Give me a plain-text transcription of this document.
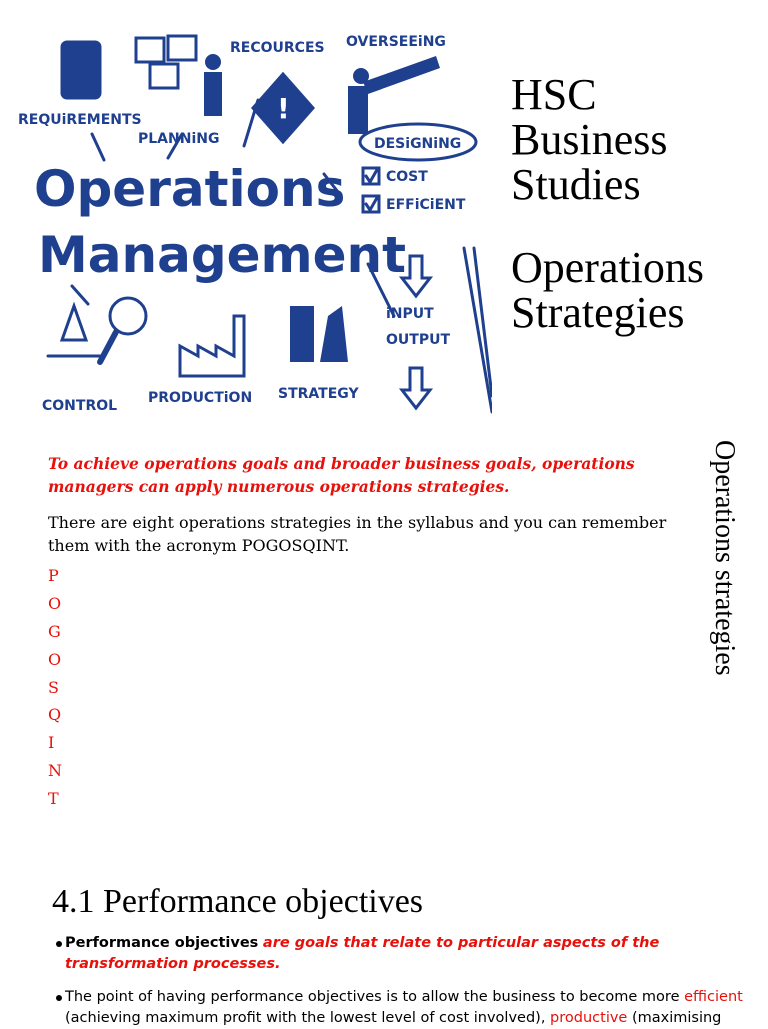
!
REQUiREMENTS
PLANNiNG
RECOURCES OVERSEEiNG
DESiGNiNG
COST
EFFiCiENT
iNPUT
OUTPUT
CONTROL PRODUCTiON STRATEGY
Operations
Management
HSC
Business
Studies
Operations
Strategies
Operations strategies
To achieve operations goals and broader business goals, operations managers can apply numerous operations strategies.
There are eight operations strategies in the syllabus and you can remember them with the acronym POGOSQINT.
P
O
G
O
S
Q
I
N
T
4.1 Performance objectives
Performance objectives are goals that relate to particular aspects of the transformation processes.
The point of having performance objectives is to allow the business to become more efficient (achieving maximum profit with the lowest level of cost involved), productive (maximising
